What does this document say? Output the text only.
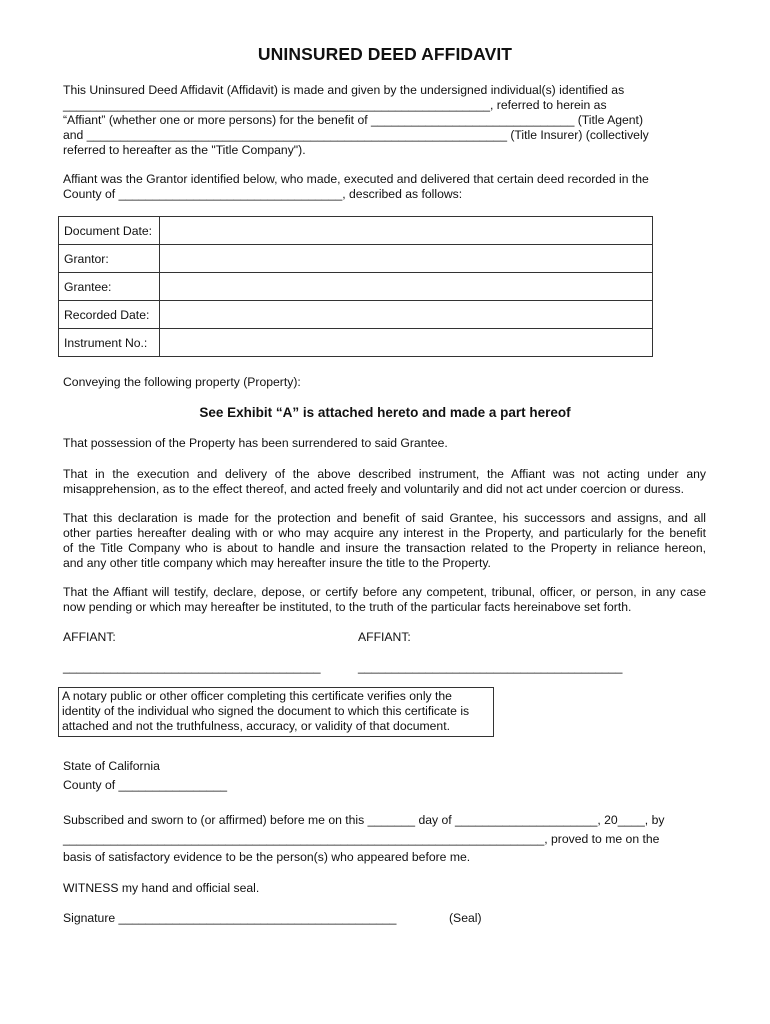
UNINSURED DEED AFFIDAVIT
This Uninsured Deed Affidavit (Affidavit) is made and given by the undersigned individual(s) identified as
_______________________________________________________________, referred to herein as
“Affiant” (whether one or more persons) for the benefit of ______________________________ (Title Agent)
and ______________________________________________________________ (Title Insurer) (collectively
referred to hereafter as the "Title Company").
Affiant was the Grantor identified below, who made, executed and delivered that certain deed recorded in the
County of _________________________________, described as follows:
Document Date:	
Grantor:	
Grantee:	
Recorded Date:	
Instrument No.:	
Conveying the following property (Property):
See Exhibit “A” is attached hereto and made a part hereof
That possession of the Property has been surrendered to said Grantee.
That in the execution and delivery of the above described instrument, the Affiant was not acting under any
misapprehension, as to the effect thereof, and acted freely and voluntarily and did not act under coercion or duress.
That this declaration is made for the protection and benefit of said Grantee, his successors and assigns, and all
other parties hereafter dealing with or who may acquire any interest in the Property, and particularly for the benefit
of the Title Company who is about to handle and insure the transaction related to the Property in reliance hereon,
and any other title company which may hereafter insure the title to the Property.
That the Affiant will testify, declare, depose, or certify before any competent, tribunal, officer, or person, in any case
now pending or which may hereafter be instituted, to the truth of the particular facts hereinabove set forth.
AFFIANT:	AFFIANT:
______________________________________	_______________________________________
A notary public or other officer completing this certificate verifies only the
identity of the individual who signed the document to which this certificate is
attached and not the truthfulness, accuracy, or validity of that document.
State of California
County of ________________
Subscribed and sworn to (or affirmed) before me on this _______ day of _____________________, 20____, by
_______________________________________________________________________, proved to me on the
basis of satisfactory evidence to be the person(s) who appeared before me.
WITNESS my hand and official seal.
Signature _________________________________________	(Seal)
